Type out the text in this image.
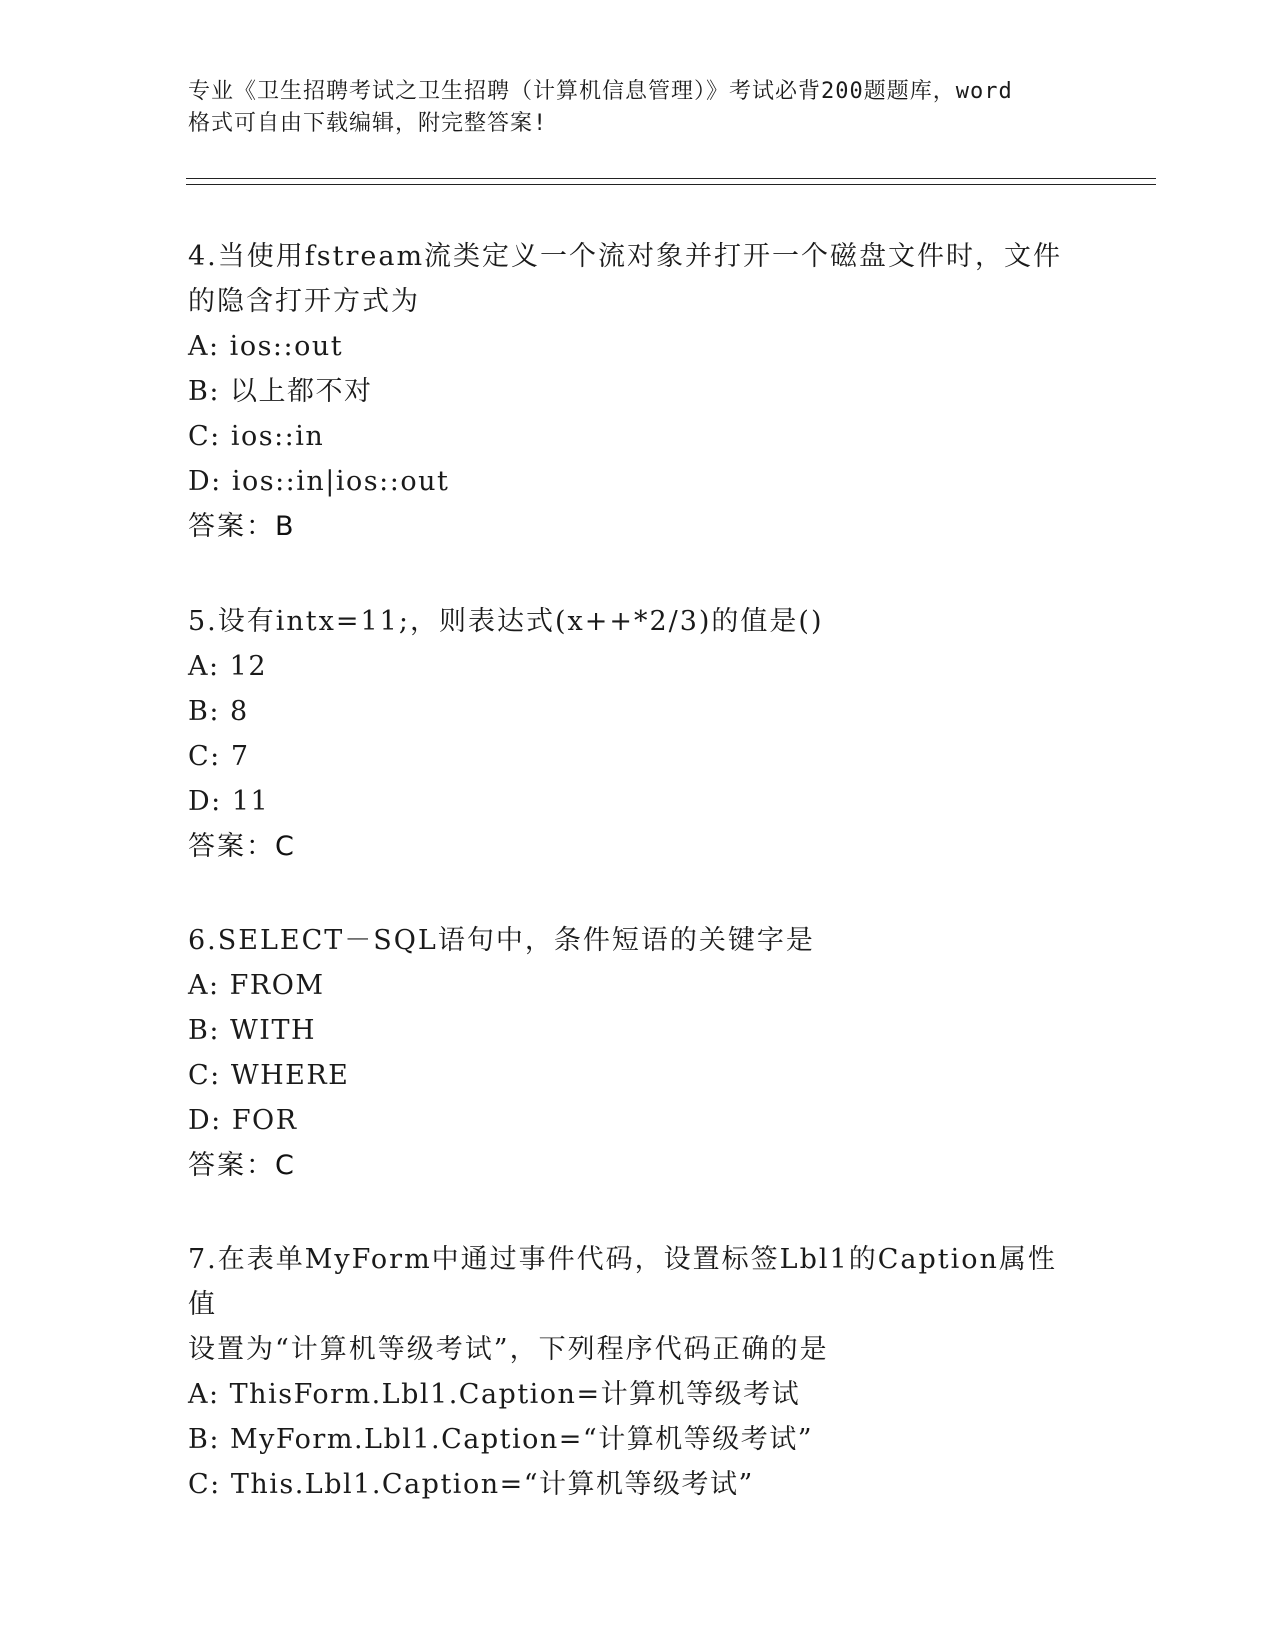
专业《卫生招聘考试之卫生招聘（计算机信息管理）》考试必背200题题库，word
格式可自由下载编辑，附完整答案!

4.当使用fstream流类定义一个流对象并打开一个磁盘文件时，文件

的隐含打开方式为

A: ios::out

B: 以上都不对

C: ios::in

D: ios::in|ios::out

答案：B

5.设有intx=11;，则表达式(x++*2/3)的值是()

A: 12

B: 8

C: 7

D: 11

答案：C

6.SELECT－SQL语句中，条件短语的关键字是

A: FROM

B: WITH

C: WHERE

D: FOR

答案：C

7.在表单MyForm中通过事件代码，设置标签Lbl1的Caption属性值

设置为“计算机等级考试”，下列程序代码正确的是

A: ThisForm.Lbl1.Caption=计算机等级考试

B: MyForm.Lbl1.Caption=“计算机等级考试”

C: This.Lbl1.Caption=“计算机等级考试”
